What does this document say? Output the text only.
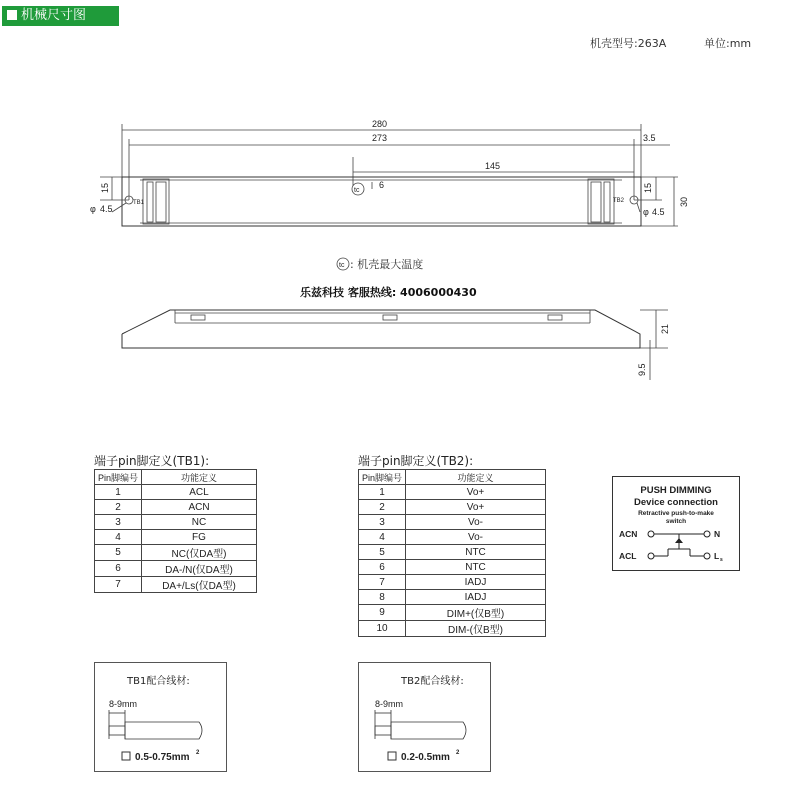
机械尺寸图
机壳型号:263A	单位:mm
280
273	3.5
145
6
tc
TB1	TB2
φ 4.5	φ 4.5
15	15
30
tc : 机壳最大温度
21
9.5
乐兹科技 客服热线: 4006000430
端子pin脚定义(TB1):
Pin脚编号	功能定义
1	ACL
2	ACN
3	NC
4	FG
5	NC(仅DA型)
6	DA-/N(仅DA型)
7	DA+/Ls(仅DA型)
端子pin脚定义(TB2):
Pin脚编号	功能定义
1	Vo+
2	Vo+
3	Vo-
4	Vo-
5	NTC
6	NTC
7	IADJ
8	IADJ
9	DIM+(仅B型)
10	DIM-(仅B型)
PUSH DIMMING
Device connection
Retractive push-to-make
switch
ACN
ACL
N
L s
TB1配合线材:
8-9mm
0.5-0.75mm 2
TB2配合线材:
8-9mm
0.2-0.5mm 2
